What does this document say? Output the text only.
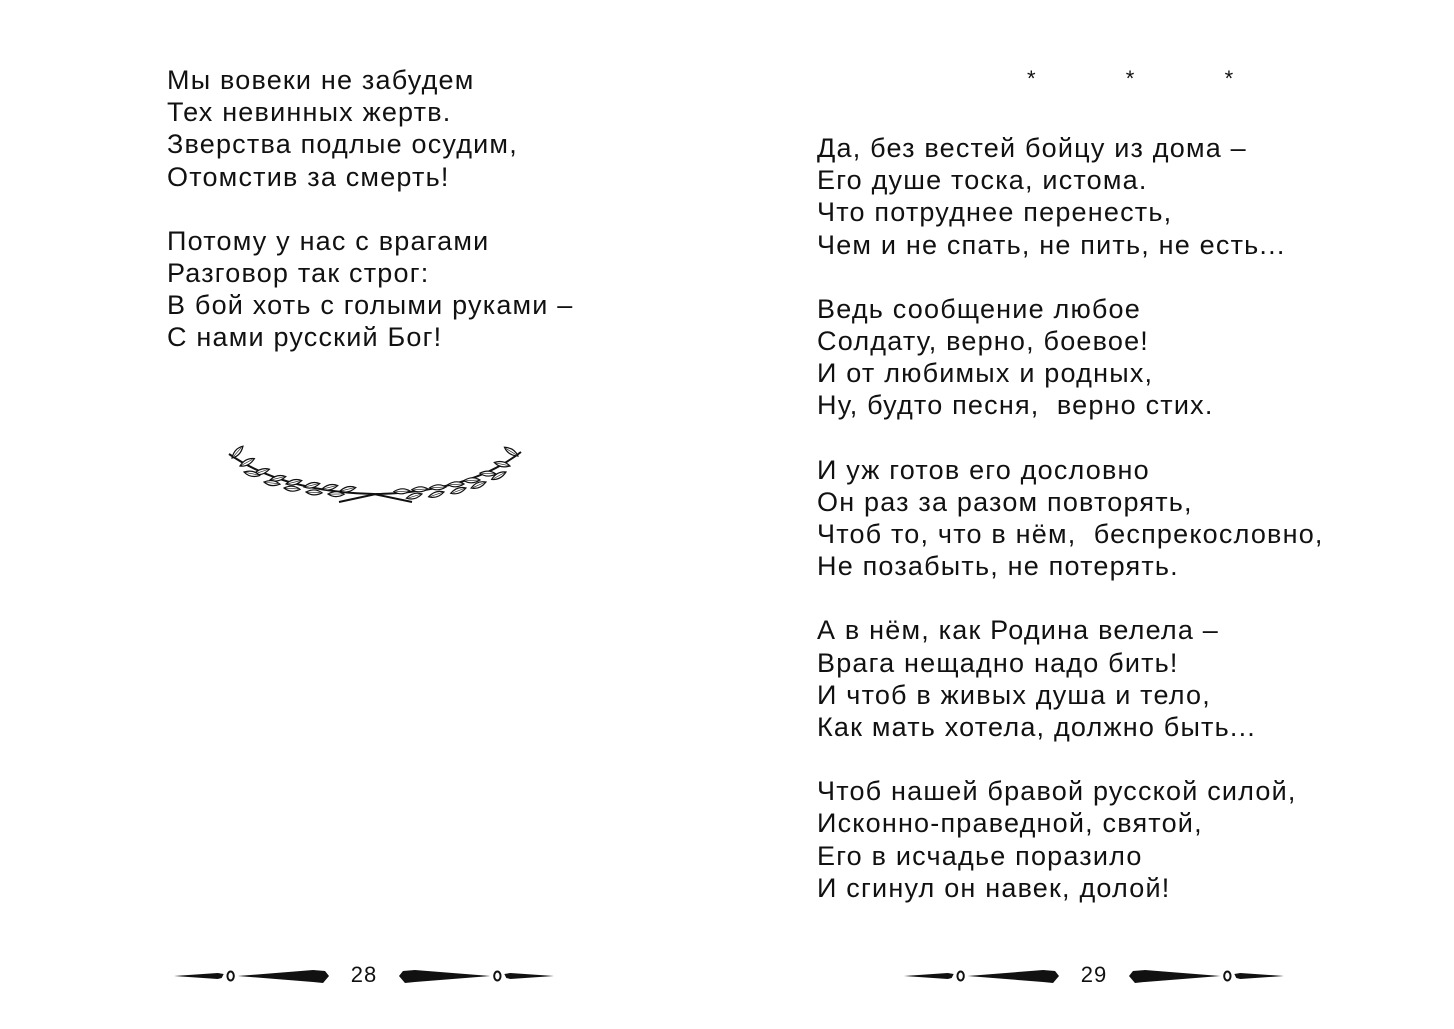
Мы вовеки не забудем
Тех невинных жертв.
Зверства подлые осудим,
Отомстив за смерть!
Потому у нас с врагами
Разговор так строг:
В бой хоть с голыми руками –
С нами русский Бог!
28
*  *  *
Да, без вестей бойцу из дома –
Его душе тоска, истома.
Что потруднее перенесть,
Чем и не спать, не пить, не есть...
Ведь сообщение любое
Солдату, верно, боевое!
И от любимых и родных,
Ну, будто песня,  верно стих.
И уж готов его дословно
Он раз за разом повторять,
Чтоб то, что в нём,  беспрекословно,
Не позабыть, не потерять.
А в нём, как Родина велела –
Врага нещадно надо бить!
И чтоб в живых душа и тело,
Как мать хотела, должно быть...
Чтоб нашей бравой русской силой,
Исконно-праведной, святой,
Его в исчадье поразило
И сгинул он навек, долой!
29
